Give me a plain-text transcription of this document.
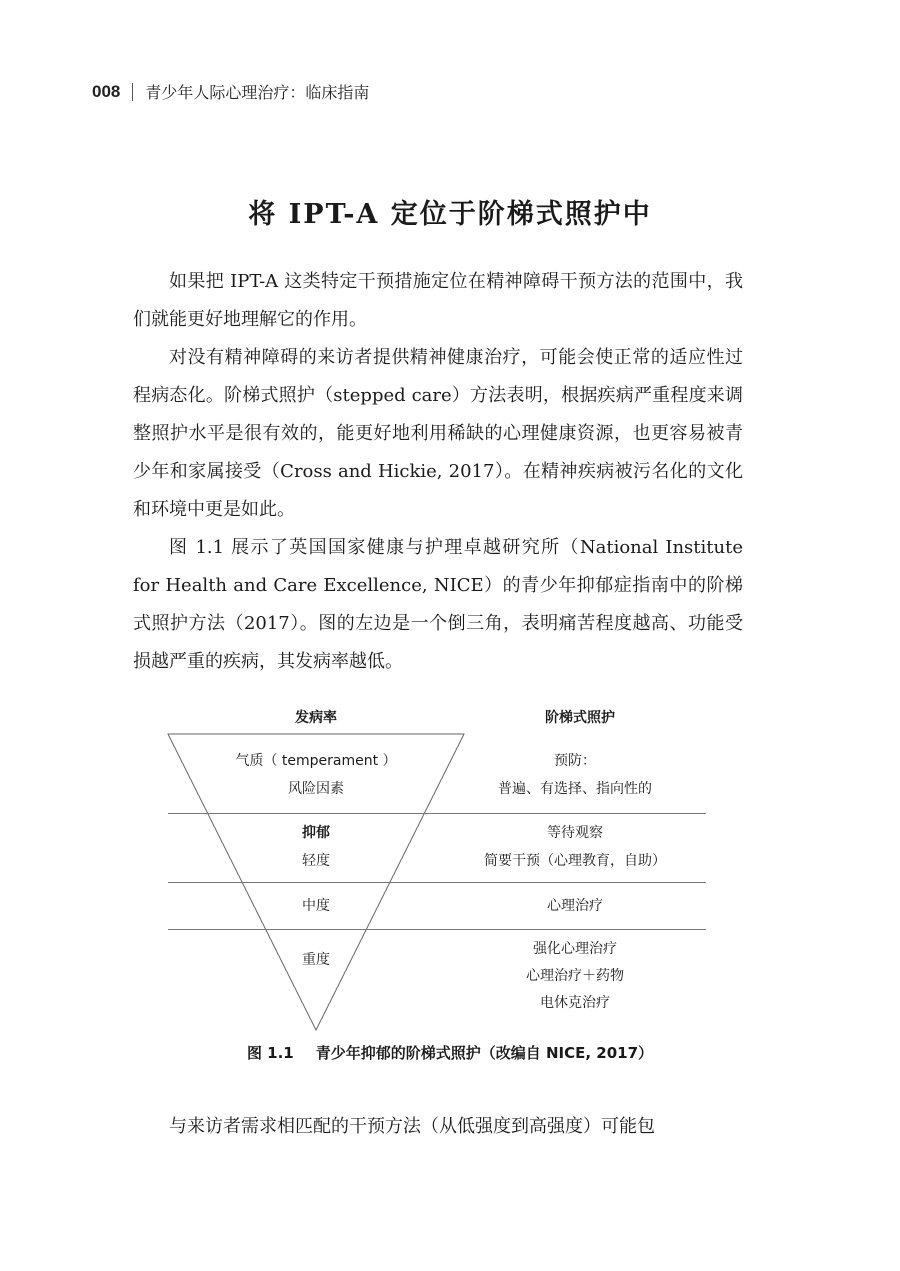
008 青少年人际心理治疗：临床指南
将 IPT-A 定位于阶梯式照护中

如果把 IPT-A 这类特定干预措施定位在精神障碍干预方法的范围中，我们就能更好地理解它的作用。

对没有精神障碍的来访者提供精神健康治疗，可能会使正常的适应性过程病态化。阶梯式照护（stepped care）方法表明，根据疾病严重程度来调整照护水平是很有效的，能更好地利用稀缺的心理健康资源，也更容易被青少年和家属接受（Cross and Hickie, 2017）。在精神疾病被污名化的文化和环境中更是如此。

图 1.1 展示了英国国家健康与护理卓越研究所（National Institute for Health and Care Excellence, NICE）的青少年抑郁症指南中的阶梯式照护方法（2017）。图的左边是一个倒三角，表明痛苦程度越高、功能受损越严重的疾病，其发病率越低。

发病率	阶梯式照护
气质（ temperament ）
风险因素
预防：
普遍、有选择、指向性的
抑郁
轻度
等待观察
简要干预（心理教育，自助）
中度	心理治疗
重度
强化心理治疗
心理治疗＋药物
电休克治疗
图 1.1 青少年抑郁的阶梯式照护（改编自 NICE, 2017）

与来访者需求相匹配的干预方法（从低强度到高强度）可能包
